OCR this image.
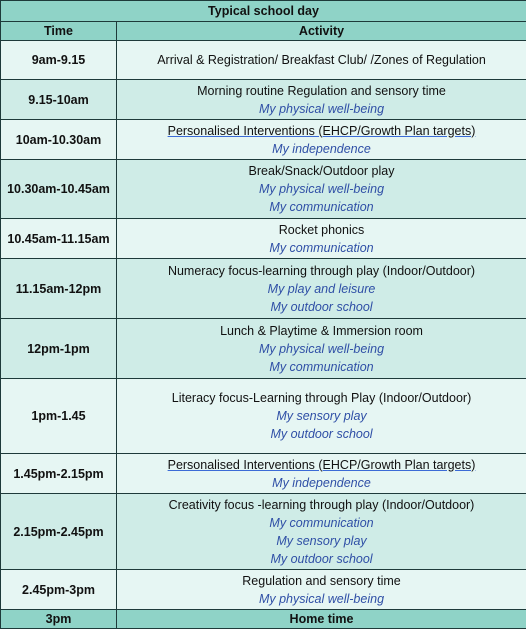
Typical school day	
Time	Activity
9am-9.15	Arrival & Registration/ Breakfast Club/ /Zones of Regulation

9.15-10am	Morning routine Regulation and sensory time
My physical well-being

10am-10.30am	Personalised Interventions (EHCP/Growth Plan targets)
My independence

10.30am-10.45am	Break/Snack/Outdoor play
My physical well-being
My communication

10.45am-11.15am	Rocket phonics
My communication

11.15am-12pm	Numeracy focus-learning through play (Indoor/Outdoor)
My play and leisure
My outdoor school

12pm-1pm	Lunch & Playtime & Immersion room
My physical well-being
My communication

1pm-1.45	Literacy focus-Learning through Play (Indoor/Outdoor)
My sensory play
My outdoor school

1.45pm-2.15pm	Personalised Interventions (EHCP/Growth Plan targets)
My independence

2.15pm-2.45pm	Creativity focus -learning through play (Indoor/Outdoor)
My communication
My sensory play
My outdoor school

2.45pm-3pm	Regulation and sensory time
My physical well-being

3pm	Home time
